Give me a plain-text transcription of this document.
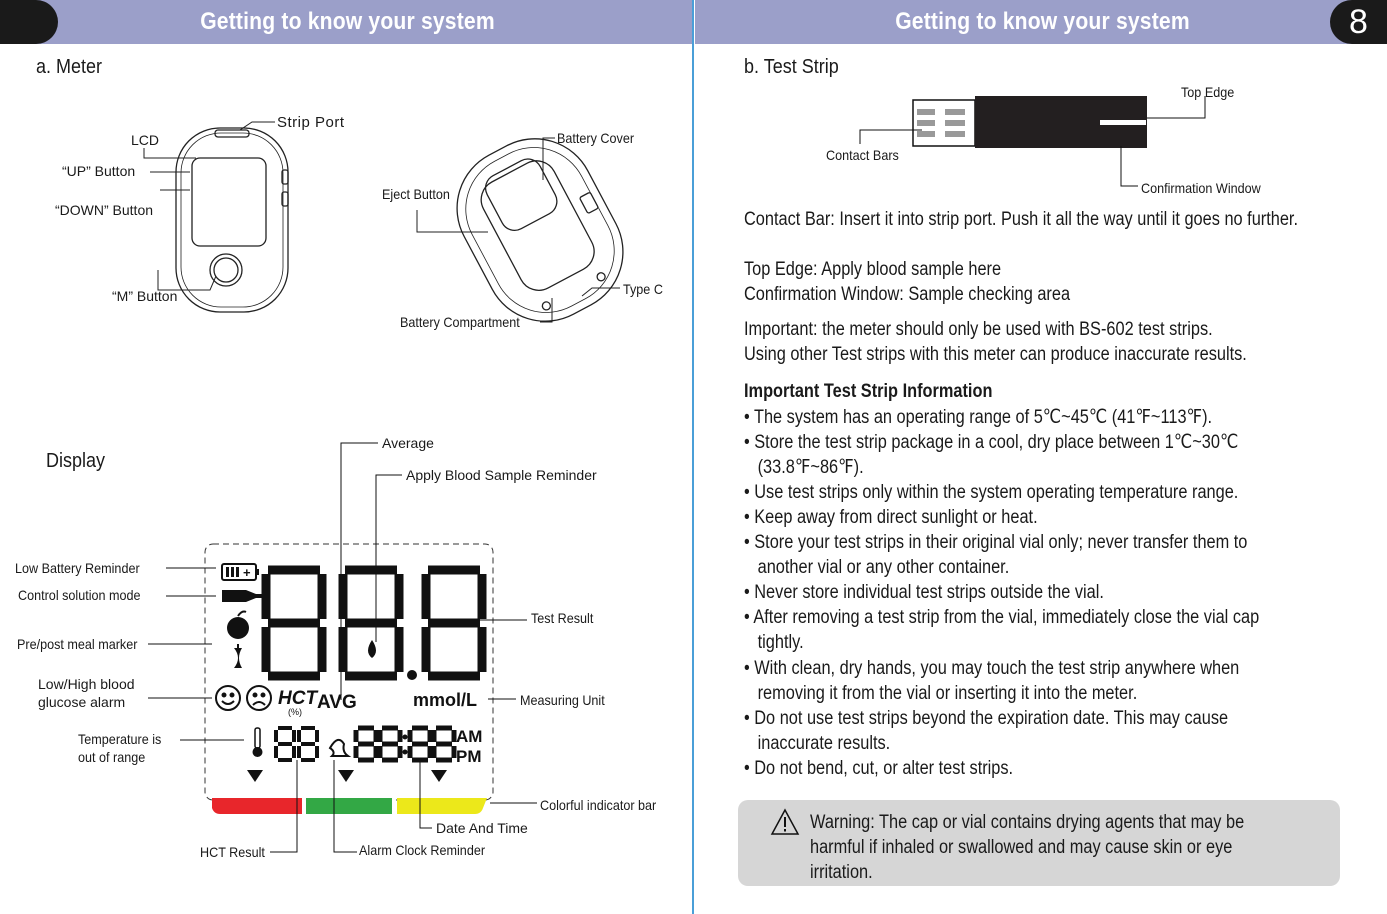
Getting to know your system	Getting to know your system	8
a. Meter
Strip Port
LCD
“UP” Button
“DOWN” Button
“M” Button
Battery Cover
Eject Button
Type C
Battery Compartment
Display
+
HCT
(%) AVG	mmol/L
AM
PM
Average
Apply Blood Sample Reminder
Low Battery Reminder
Control solution mode
Pre/post meal marker
Low/High blood
glucose alarm
Temperature is
out of range
Test Result
Measuring Unit
Colorful indicator bar
Date And Time
HCT Result	Alarm Clock Reminder
b. Test Strip
Top Edge
Contact Bars
Confirmation Window
Contact Bar: Insert it into strip port. Push it all the way until it goes no further.
Top Edge: Apply blood sample here
Confirmation Window: Sample checking area
Important: the meter should only be used with BS-602 test strips.
Using other Test strips with this meter can produce inaccurate results.
Important Test Strip Information
• The system has an operating range of 5℃~45℃ (41℉~113℉).
• Store the test strip package in a cool, dry place between 1℃~30℃
(33.8℉~86℉).
• Use test strips only within the system operating temperature range.
• Keep away from direct sunlight or heat.
• Store your test strips in their original vial only; never transfer them to
another vial or any other container.
• Never store individual test strips outside the vial.
• After removing a test strip from the vial, immediately close the vial cap
tightly.
• With clean, dry hands, you may touch the test strip anywhere when
removing it from the vial or inserting it into the meter.
• Do not use test strips beyond the expiration date. This may cause
inaccurate results.
• Do not bend, cut, or alter test strips.
Warning: The cap or vial contains drying agents that may be
harmful if inhaled or swallowed and may cause skin or eye
irritation.
